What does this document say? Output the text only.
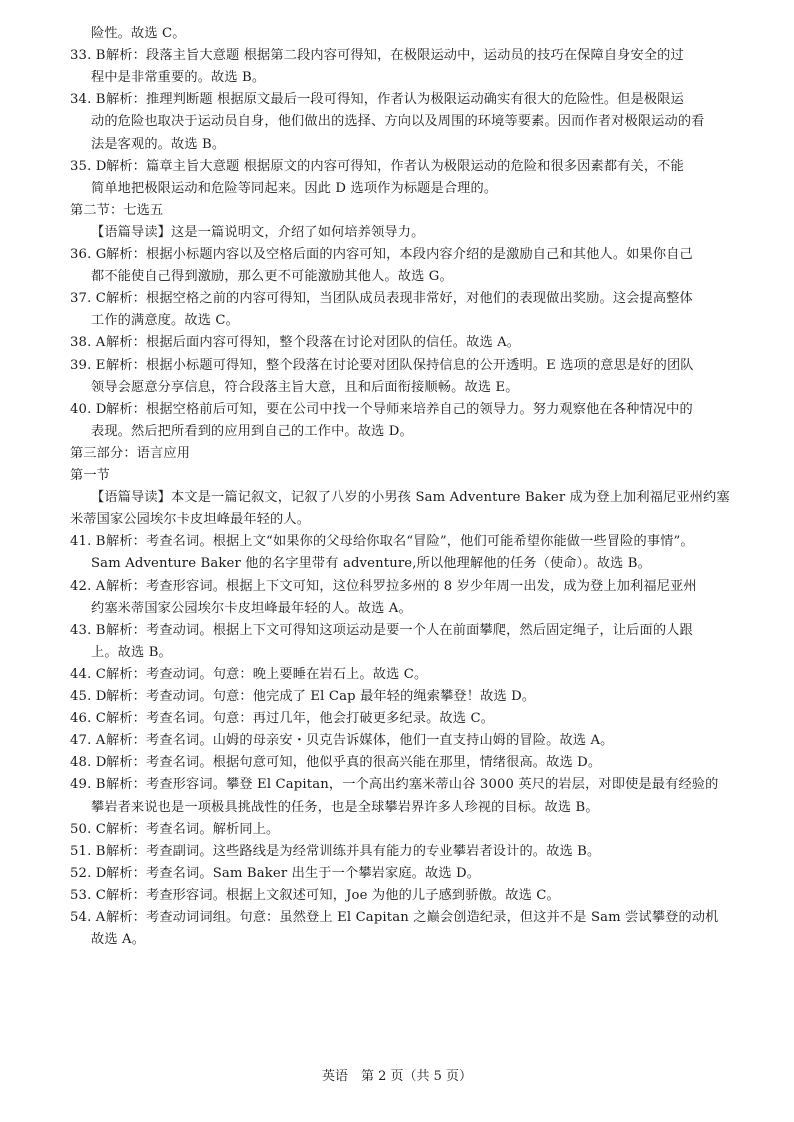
险性。故选 C。
33. B解析：段落主旨大意题 根据第二段内容可得知，在极限运动中，运动员的技巧在保障自身安全的过
程中是非常重要的。故选 B。
34. B解析：推理判断题 根据原文最后一段可得知，作者认为极限运动确实有很大的危险性。但是极限运
动的危险也取决于运动员自身，他们做出的选择、方向以及周围的环境等要素。因而作者对极限运动的看
法是客观的。故选 B。
35. D解析：篇章主旨大意题 根据原文的内容可得知，作者认为极限运动的危险和很多因素都有关，不能
简单地把极限运动和危险等同起来。因此 D 选项作为标题是合理的。
第二节：七选五
【语篇导读】这是一篇说明文，介绍了如何培养领导力。
36. G解析：根据小标题内容以及空格后面的内容可知，本段内容介绍的是激励自己和其他人。如果你自己
都不能使自己得到激励，那么更不可能激励其他人。故选 G。
37. C解析：根据空格之前的内容可得知，当团队成员表现非常好，对他们的表现做出奖励。这会提高整体
工作的满意度。故选 C。
38. A解析：根据后面内容可得知，整个段落在讨论对团队的信任。故选 A。
39. E解析：根据小标题可得知，整个段落在讨论要对团队保持信息的公开透明。E 选项的意思是好的团队
领导会愿意分享信息，符合段落主旨大意，且和后面衔接顺畅。故选 E。
40. D解析：根据空格前后可知，要在公司中找一个导师来培养自己的领导力。努力观察他在各种情况中的
表现。然后把所看到的应用到自己的工作中。故选 D。
第三部分：语言应用
第一节
【语篇导读】本文是一篇记叙文，记叙了八岁的小男孩 Sam Adventure Baker 成为登上加利福尼亚州约塞
米蒂国家公园埃尔卡皮坦峰最年轻的人。
41. B解析：考查名词。根据上文“如果你的父母给你取名“冒险”，他们可能希望你能做一些冒险的事情”。
Sam Adventure Baker 他的名字里带有 adventure,所以他理解他的任务（使命）。故选 B。
42. A解析：考查形容词。根据上下文可知，这位科罗拉多州的 8 岁少年周一出发，成为登上加利福尼亚州
约塞米蒂国家公园埃尔卡皮坦峰最年轻的人。故选 A。
43. B解析：考查动词。根据上下文可得知这项运动是要一个人在前面攀爬，然后固定绳子，让后面的人跟
上。故选 B。
44. C解析：考查动词。句意：晚上要睡在岩石上。故选 C。
45. D解析：考查动词。句意：他完成了 El Cap 最年轻的绳索攀登！故选 D。
46. C解析：考查名词。句意：再过几年，他会打破更多纪录。故选 C。
47. A解析：考查名词。山姆的母亲安・贝克告诉媒体，他们一直支持山姆的冒险。故选 A。
48. D解析：考查名词。根据句意可知，他似乎真的很高兴能在那里，情绪很高。故选 D。
49. B解析：考查形容词。攀登 El Capitan，一个高出约塞米蒂山谷 3000 英尺的岩层，对即使是最有经验的
攀岩者来说也是一项极具挑战性的任务，也是全球攀岩界许多人珍视的目标。故选 B。
50. C解析：考查名词。解析同上。
51. B解析：考查副词。这些路线是为经常训练并具有能力的专业攀岩者设计的。故选 B。
52. D解析：考查名词。Sam Baker 出生于一个攀岩家庭。故选 D。
53. C解析：考查形容词。根据上文叙述可知，Joe 为他的儿子感到骄傲。故选 C。
54. A解析：考查动词词组。句意：虽然登上 El Capitan 之巅会创造纪录，但这并不是 Sam 尝试攀登的动机
故选 A。
英语　第 2 页（共 5 页）
